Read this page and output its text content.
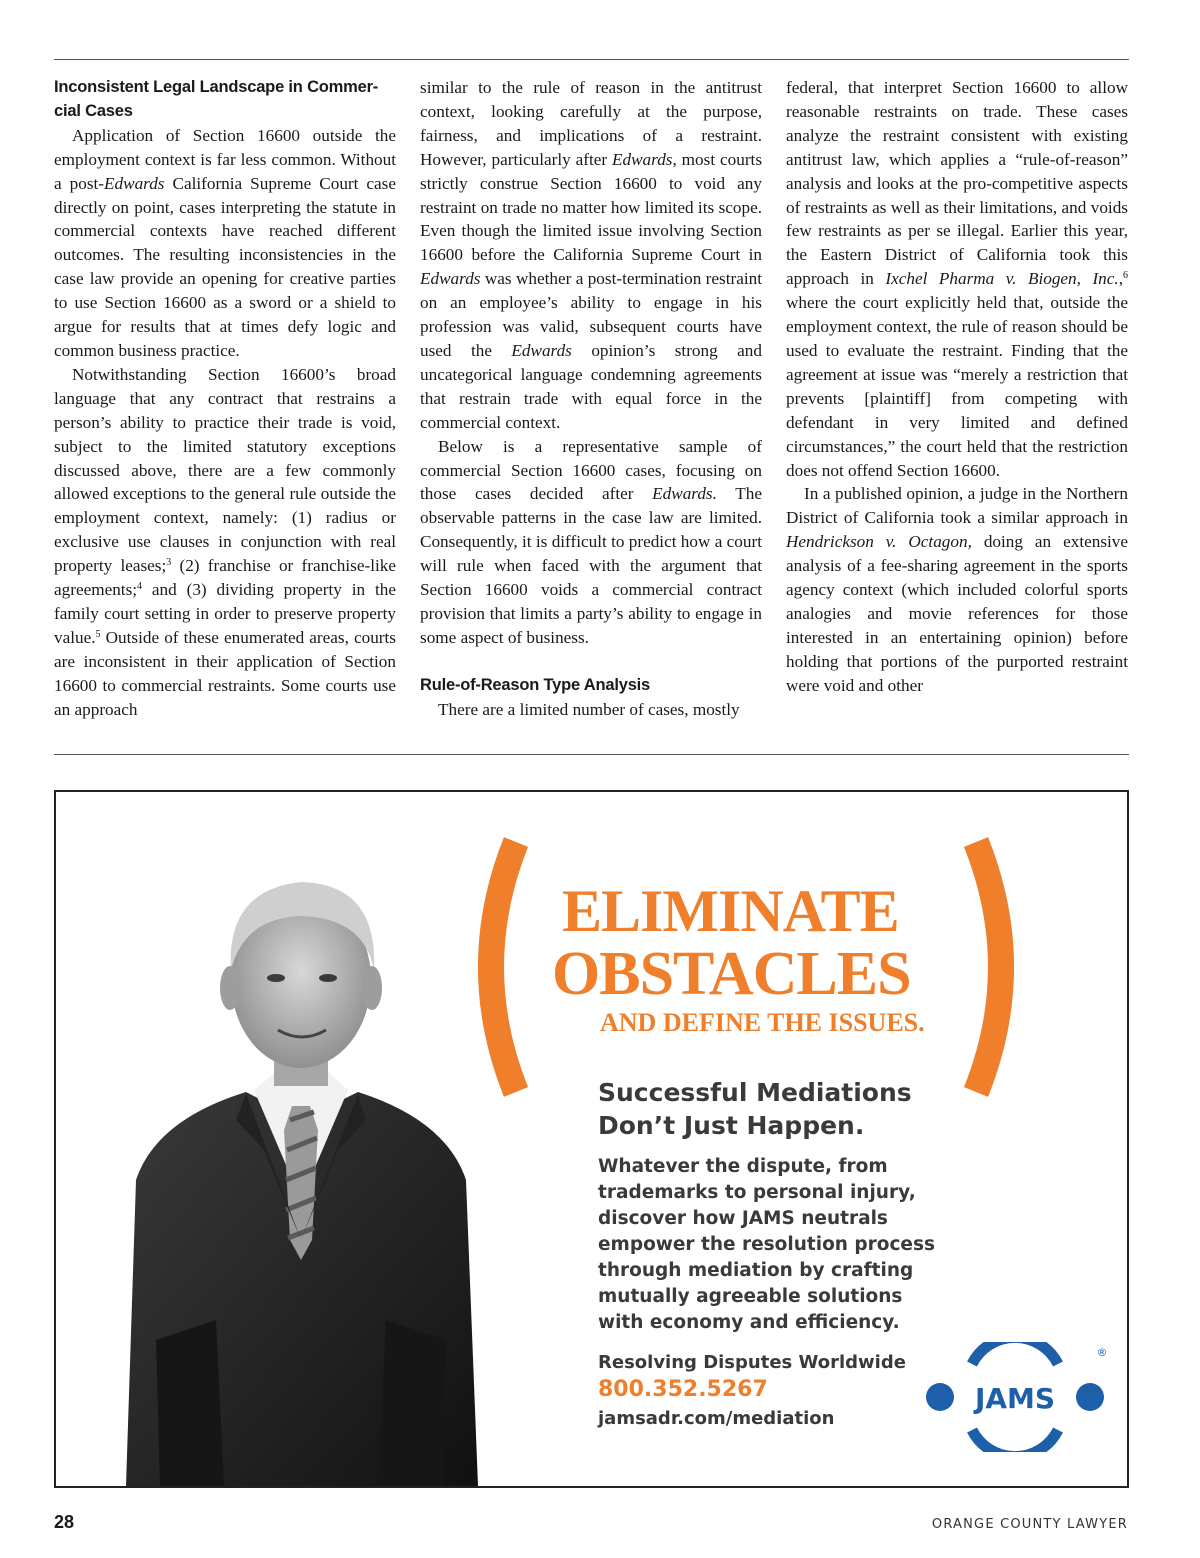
Inconsistent Legal Landscape in Commer-cial Cases

Application of Section 16600 outside the employment context is far less common. Without a post-Edwards California Supreme Court case directly on point, cases interpreting the statute in commercial contexts have reached different outcomes. The resulting inconsistencies in the case law provide an opening for creative parties to use Section 16600 as a sword or a shield to argue for results that at times defy logic and common business practice.

Notwithstanding Section 16600’s broad language that any contract that restrains a person’s ability to practice their trade is void, subject to the limited statutory exceptions discussed above, there are a few commonly allowed exceptions to the general rule outside the employment context, namely: (1) radius or exclusive use clauses in conjunction with real property leases;$^3$ (2) franchise or franchise-like agreements;$^4$ and (3) dividing property in the family court setting in order to preserve property value.$^5$ Outside of these enumerated areas, courts are inconsistent in their application of Section 16600 to commercial restraints. Some courts use an approach

similar to the rule of reason in the antitrust context, looking carefully at the purpose, fairness, and implications of a restraint. However, particularly after Edwards, most courts strictly construe Section 16600 to void any restraint on trade no matter how limited its scope. Even though the limited issue involving Section 16600 before the California Supreme Court in Edwards was whether a post-termination restraint on an employee’s ability to engage in his profession was valid, subsequent courts have used the Edwards opinion’s strong and uncategorical language condemning agreements that restrain trade with equal force in the commercial context.

Below is a representative sample of commercial Section 16600 cases, focusing on those cases decided after Edwards. The observable patterns in the case law are limited. Consequently, it is difficult to predict how a court will rule when faced with the argument that Section 16600 voids a commercial contract provision that limits a party’s ability to engage in some aspect of business.

Rule-of-Reason Type Analysis

There are a limited number of cases, mostly

federal, that interpret Section 16600 to allow reasonable restraints on trade. These cases analyze the restraint consistent with existing antitrust law, which applies a “rule-of-reason” analysis and looks at the pro-competitive aspects of restraints as well as their limitations, and voids few restraints as per se illegal. Earlier this year, the Eastern District of California took this approach in Ixchel Pharma v. Biogen, Inc.,$^6$ where the court explicitly held that, outside the employment context, the rule of reason should be used to evaluate the restraint. Finding that the agreement at issue was “merely a restriction that prevents [plaintiff] from competing with defendant in very limited and defined circumstances,” the court held that the restriction does not offend Section 16600.

In a published opinion, a judge in the Northern District of California took a similar approach in Hendrickson v. Octagon, doing an extensive analysis of a fee-sharing agreement in the sports agency context (which included colorful sports analogies and movie references for those interested in an entertaining opinion) before holding that portions of the purported restraint were void and other

ELIMINATE
OBSTACLES
AND DEFINE THE ISSUES.
Successful Mediations
Don’t Just Happen.
Whatever the dispute, from
trademarks to personal injury,
discover how JAMS neutrals
empower the resolution process
through mediation by crafting
mutually agreeable solutions
with economy and efficiency.
Resolving Disputes Worldwide
800.352.5267
jamsadr.com/mediation
JAMS
®
28	ORANGE COUNTY LAWYER
